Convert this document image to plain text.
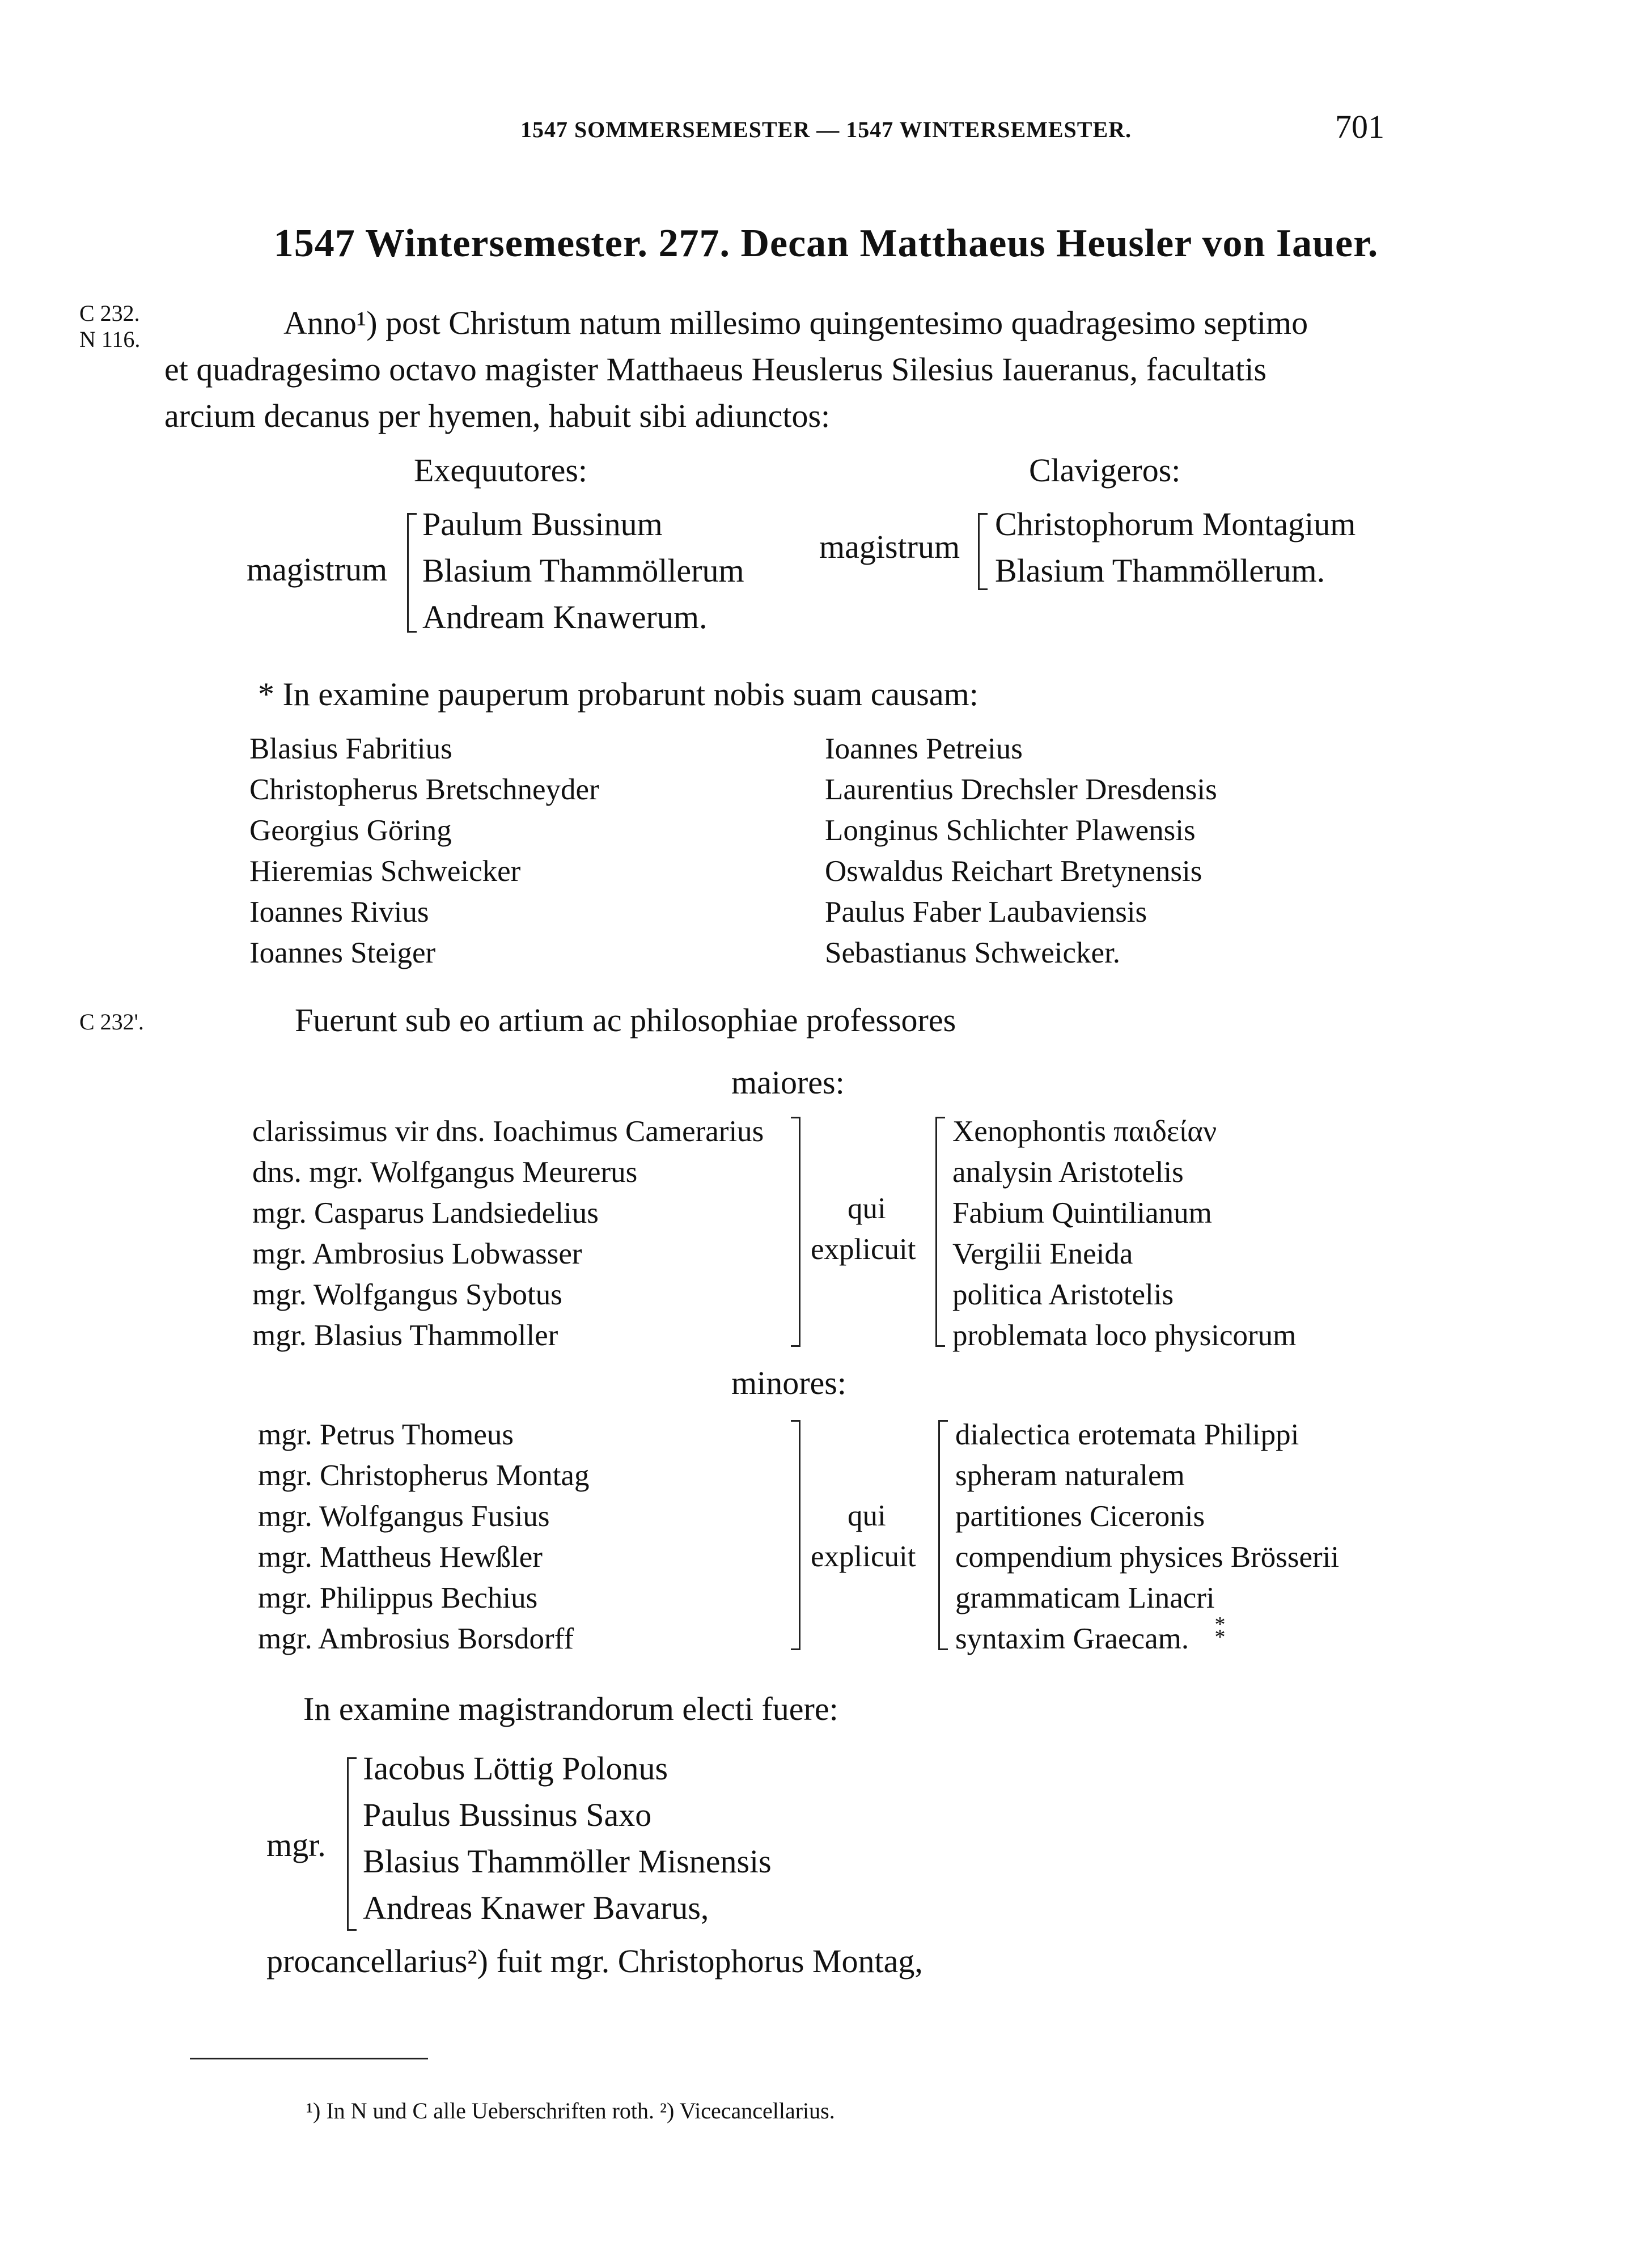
1547 SOMMERSEMESTER — 1547 WINTERSEMESTER.	701
1547 Wintersemester. 277. Decan Matthaeus Heusler von Iauer.
C 232.
N 116.
C 232'.
Anno¹) post Christum natum millesimo quingentesimo quadragesimo septimo
et quadragesimo octavo magister Matthaeus Heuslerus Silesius Iaueranus, facultatis
arcium decanus per hyemen, habuit sibi adiunctos:
Exequutores:
magistrum
Paulum Bussinum
Blasium Thammöllerum
Andream Knawerum.
Clavigeros:
magistrum
Christophorum Montagium
Blasium Thammöllerum.
* In examine pauperum probarunt nobis suam causam:
Blasius Fabritius
Christopherus Bretschneyder
Georgius Göring
Hieremias Schweicker
Ioannes Rivius
Ioannes Steiger
Ioannes Petreius
Laurentius Drechsler Dresdensis
Longinus Schlichter Plawensis
Oswaldus Reichart Bretynensis
Paulus Faber Laubaviensis
Sebastianus Schweicker.
Fuerunt sub eo artium ac philosophiae professores
maiores:
clarissimus vir dns. Ioachimus Camerarius
dns. mgr. Wolfgangus Meurerus
mgr. Casparus Landsiedelius
mgr. Ambrosius Lobwasser
mgr. Wolfgangus Sybotus
mgr. Blasius Thammoller
qui
explicuit
Xenophontis παιδείαν
analysin Aristotelis
Fabium Quintilianum
Vergilii Eneida
politica Aristotelis
problemata loco physicorum
minores:
mgr. Petrus Thomeus
mgr. Christopherus Montag
mgr. Wolfgangus Fusius
mgr. Mattheus Hewßler
mgr. Philippus Bechius
mgr. Ambrosius Borsdorff
qui
explicuit
dialectica erotemata Philippi
spheram naturalem
partitiones Ciceronis
compendium physices Brösserii
grammaticam Linacri
syntaxim Graecam.	* *
In examine magistrandorum electi fuere:
mgr.
Iacobus Löttig Polonus
Paulus Bussinus Saxo
Blasius Thammöller Misnensis
Andreas Knawer Bavarus,
procancellarius²) fuit mgr. Christophorus Montag,
¹) In N und C alle Ueberschriften roth. ²) Vicecancellarius.
